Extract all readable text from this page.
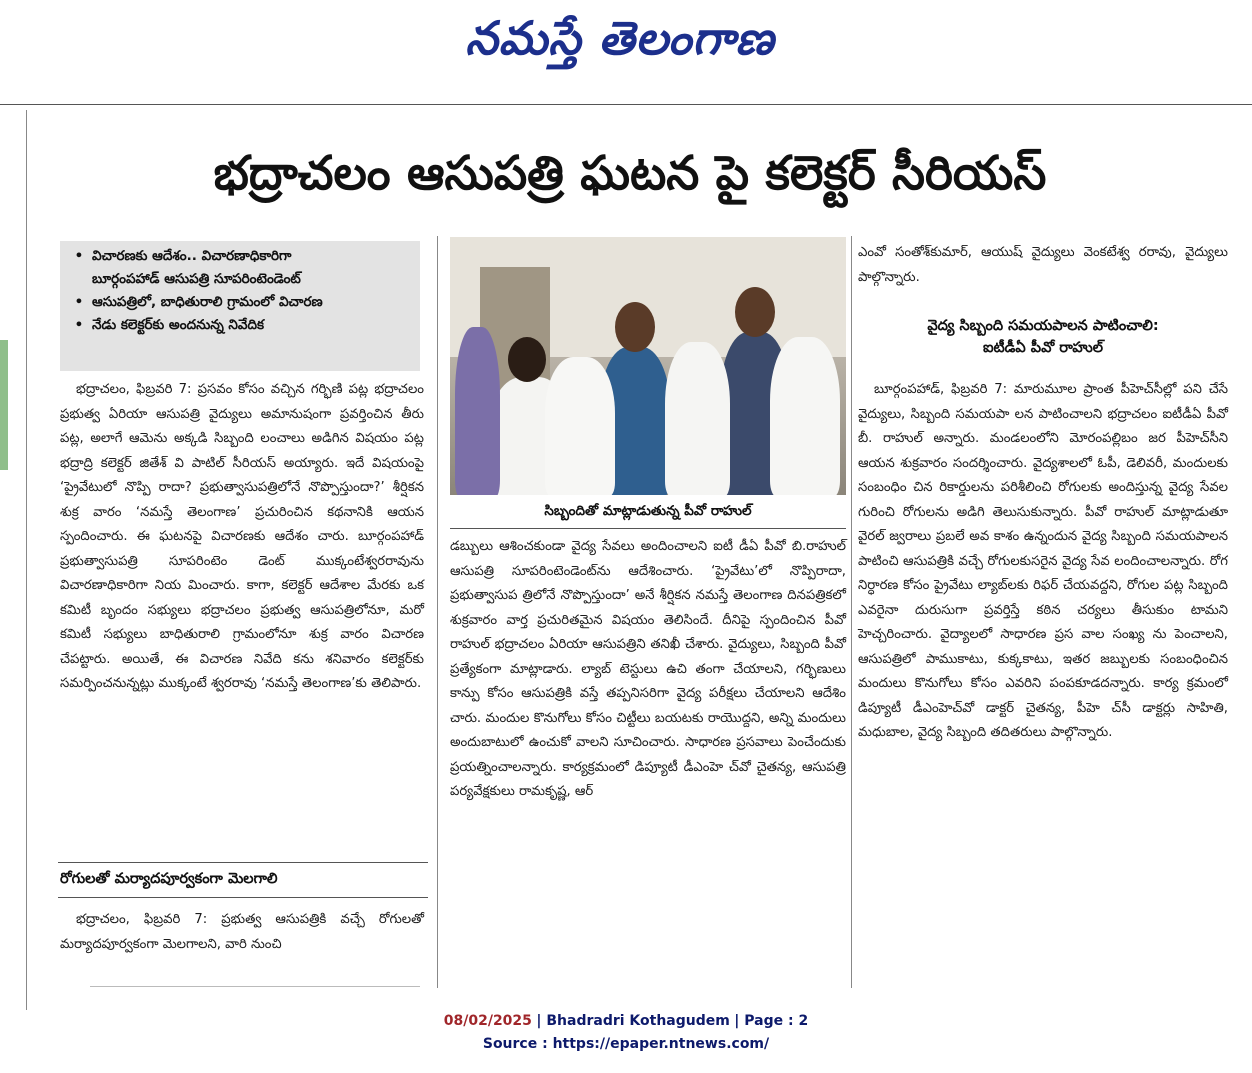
నమస్తే తెలంగాణ
భద్రాచలం ఆసుపత్రి ఘటన పై కలెక్టర్ సీరియస్
• విచారణకు ఆదేశం.. విచారణాధికారిగా
బూర్గంపహాడ్ ఆసుపత్రి సూపరింటెండెంట్
• ఆసుపత్రిలో, బాధితురాలి గ్రామంలో విచారణ
• నేడు కలెక్టర్‌కు అందనున్న నివేదిక

భద్రాచలం, ఫిబ్రవరి 7: ప్రసవం కోసం వచ్చిన గర్భిణి పట్ల భద్రాచలం ప్రభుత్వ ఏరియా ఆసుపత్రి వైద్యులు అమానుషంగా ప్రవర్తించిన తీరు పట్ల, అలాగే ఆమెను అక్కడి సిబ్బంది లంచాలు అడిగిన విషయం పట్ల భద్రాద్రి కలెక్టర్ జితేశ్ వి పాటిల్ సీరియస్ అయ్యారు. ఇదే విషయంపై ‘ప్రైవేటులో నొప్పి రాదా? ప్రభుత్వాసుపత్రిలోనే నొప్పొస్తుందా?’ శీర్షికన శుక్ర వారం ‘నమస్తే తెలంగాణ’ ప్రచురించిన కథనానికి ఆయన స్పందించారు. ఈ ఘటనపై విచారణకు ఆదేశం చారు. బూర్గంపహాడ్ ప్రభుత్వాసుపత్రి సూపరింటెం డెంట్ ముక్కంటేశ్వరరావును విచారణాధికారిగా నియ మించారు. కాగా, కలెక్టర్ ఆదేశాల మేరకు ఒక కమిటీ బృందం సభ్యులు భద్రాచలం ప్రభుత్వ ఆసుపత్రిలోనూ, మరో కమిటీ సభ్యులు బాధితురాలి గ్రామంలోనూ శుక్ర వారం విచారణ చేపట్టారు. అయితే, ఈ విచారణ నివేది కను శనివారం కలెక్టర్‌కు సమర్పించనున్నట్లు ముక్కంటే శ్వరరావు ‘నమస్తే తెలంగాణ’కు తెలిపారు.

రోగులతో మర్యాదపూర్వకంగా మెలగాలి

భద్రాచలం, ఫిబ్రవరి 7: ప్రభుత్వ ఆసుపత్రికి వచ్చే రోగులతో మర్యాదపూర్వకంగా మెలగాలని, వారి నుంచి

సిబ్బందితో మాట్లాడుతున్న పీవో రాహుల్

డబ్బులు ఆశించకుండా వైద్య సేవలు అందించాలని ఐటీ డీఏ పీవో బి.రాహుల్ ఆసుపత్రి సూపరింటెండెంట్‌ను ఆదేశించారు. ‘ప్రైవేటు’లో నొప్పిరాదా, ప్రభుత్వాసుప త్రిలోనే నొప్పొస్తుందా’ అనే శీర్షికన నమస్తే తెలంగాణ దినపత్రికలో శుక్రవారం వార్త ప్రచురితమైన విషయం తెలిసిందే. దీనిపై స్పందించిన పీవో రాహుల్ భద్రాచలం ఏరియా ఆసుపత్రిని తనిఖీ చేశారు. వైద్యులు, సిబ్బంది పీవో ప్రత్యేకంగా మాట్లాడారు. ల్యాబ్ టెస్టులు ఉచి తంగా చేయాలని, గర్భిణులు కాన్పు కోసం ఆసుపత్రికి వస్తే తప్పనిసరిగా వైద్య పరీక్షలు చేయాలని ఆదేశిం చారు. మందుల కొనుగోలు కోసం చిట్టీలు బయటకు రాయొద్దని, అన్ని మందులు అందుబాటులో ఉంచుకో వాలని సూచించారు. సాధారణ ప్రసవాలు పెంచేందుకు ప్రయత్నించాలన్నారు. కార్యక్రమంలో డిప్యూటీ డీఎంహె చ్‌వో చైతన్య, ఆసుపత్రి పర్యవేక్షకులు రామకృష్ణ, ఆర్

ఎంవో సంతోశ్‌కుమార్, ఆయుష్ వైద్యులు వెంకటేశ్వ రరావు, వైద్యులు పాల్గొన్నారు.

వైద్య సిబ్బంది సమయపాలన పాటించాలి:
ఐటీడీఏ పీవో రాహుల్

బూర్గంపహాడ్, ఫిబ్రవరి 7: మారుమూల ప్రాంత పీహెచ్‌సీల్లో పని చేసే వైద్యులు, సిబ్బంది సమయపా లన పాటించాలని భద్రాచలం ఐటీడీఏ పీవో బీ. రాహుల్ అన్నారు. మండలంలోని మోరంపల్లిబం జర పీహెచ్‌సీని ఆయన శుక్రవారం సందర్శించారు. వైద్యశాలలో ఓపీ, డెలివరీ, మందులకు సంబంధిం చిన రికార్డులను పరిశీలించి రోగులకు అందిస్తున్న వైద్య సేవల గురించి రోగులను అడిగి తెలుసుకున్నారు. పీవో రాహుల్ మాట్లాడుతూ వైరల్ జ్వరాలు ప్రబలే అవ కాశం ఉన్నందున వైద్య సిబ్బంది సమయపాలన పాటించి ఆసుపత్రికి వచ్చే రోగులకుసరైన వైద్య సేవ లందించాలన్నారు. రోగ నిర్ధారణ కోసం ప్రైవేటు ల్యాబ్‌లకు రిఫర్ చేయవద్దని, రోగుల పట్ల సిబ్బంది ఎవరైనా దురుసుగా ప్రవర్తిస్తే కఠిన చర్యలు తీసుకుం టామని హెచ్చరించారు. వైద్యాలలో సాధారణ ప్రస వాల సంఖ్య ను పెంచాలని, ఆసుపత్రిలో పాముకాటు, కుక్కకాటు, ఇతర జబ్బులకు సంబంధించిన మందులు కొనుగోలు కోసం ఎవరిని పంపకూడదన్నారు. కార్య క్రమంలో డిప్యూటీ డీఎంహెచ్‌వో డాక్టర్ చైతన్య, పీహె చ్‌సీ డాక్టర్లు సాహితి, మధుబాల, వైద్య సిబ్బంది తదితరులు పాల్గొన్నారు.

08/02/2025 | Bhadradri Kothagudem | Page : 2
Source : https://epaper.ntnews.com/
